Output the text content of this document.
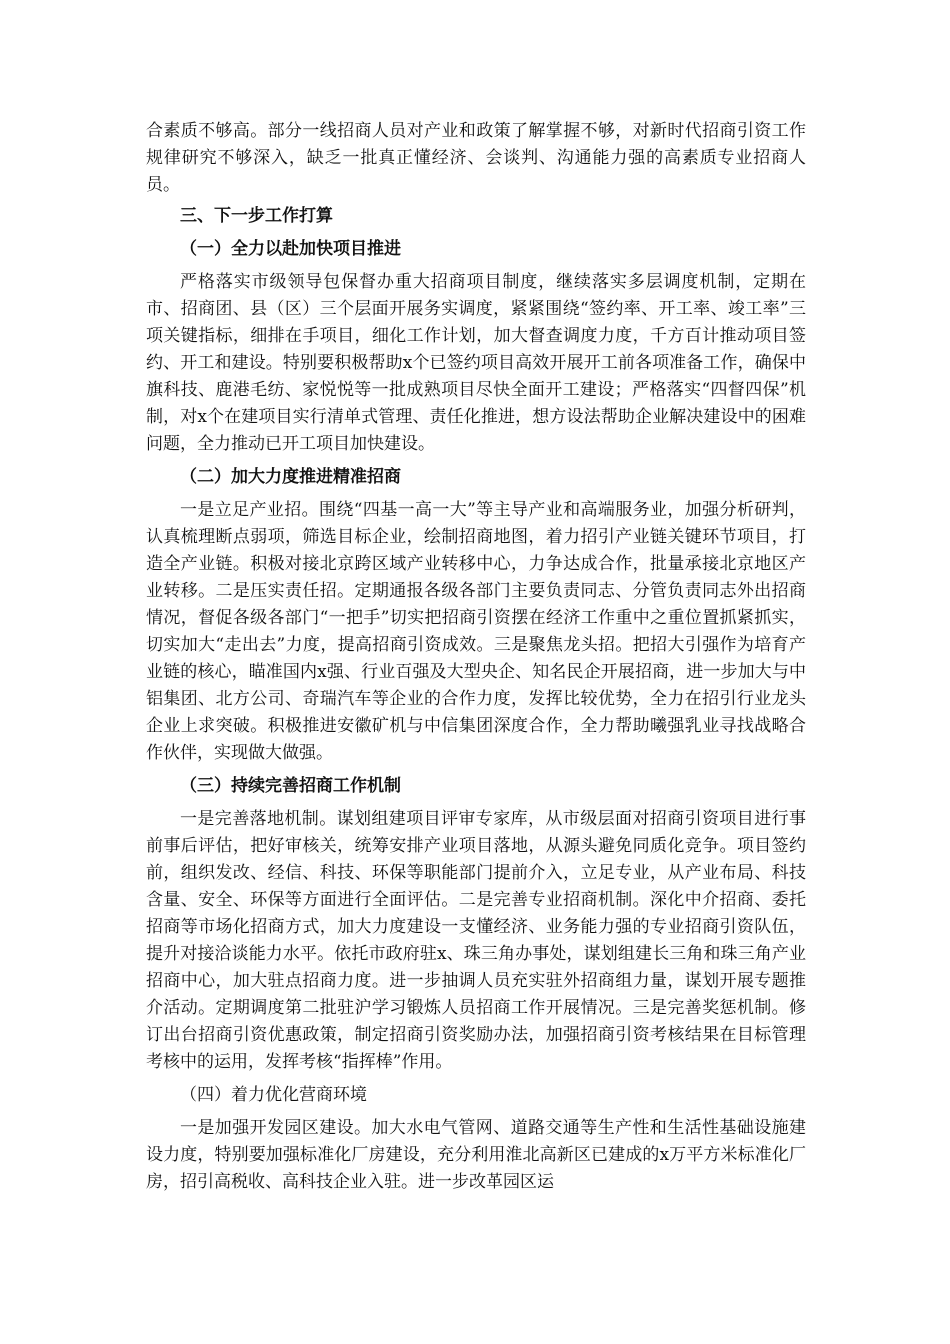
合素质不够高。部分一线招商人员对产业和政策了解掌握不够，对新时代招商引资工作规律研究不够深入，缺乏一批真正懂经济、会谈判、沟通能力强的高素质专业招商人员。

三、下一步工作打算

（一）全力以赴加快项目推进

严格落实市级领导包保督办重大招商项目制度，继续落实多层调度机制，定期在市、招商团、县（区）三个层面开展务实调度，紧紧围绕“签约率、开工率、竣工率”三项关键指标，细排在手项目，细化工作计划，加大督查调度力度，千方百计推动项目签约、开工和建设。特别要积极帮助x个已签约项目高效开展开工前各项准备工作，确保中旗科技、鹿港毛纺、家悦悦等一批成熟项目尽快全面开工建设；严格落实“四督四保”机制，对x个在建项目实行清单式管理、责任化推进，想方设法帮助企业解决建设中的困难问题，全力推动已开工项目加快建设。

（二）加大力度推进精准招商

一是立足产业招。围绕“四基一高一大”等主导产业和高端服务业，加强分析研判，认真梳理断点弱项，筛选目标企业，绘制招商地图，着力招引产业链关键环节项目，打造全产业链。积极对接北京跨区域产业转移中心，力争达成合作，批量承接北京地区产业转移。二是压实责任招。定期通报各级各部门主要负责同志、分管负责同志外出招商情况，督促各级各部门“一把手”切实把招商引资摆在经济工作重中之重位置抓紧抓实，切实加大“走出去”力度，提高招商引资成效。三是聚焦龙头招。把招大引强作为培育产业链的核心，瞄准国内x强、行业百强及大型央企、知名民企开展招商，进一步加大与中铝集团、北方公司、奇瑞汽车等企业的合作力度，发挥比较优势，全力在招引行业龙头企业上求突破。积极推进安徽矿机与中信集团深度合作，全力帮助曦强乳业寻找战略合作伙伴，实现做大做强。

（三）持续完善招商工作机制

一是完善落地机制。谋划组建项目评审专家库，从市级层面对招商引资项目进行事前事后评估，把好审核关，统筹安排产业项目落地，从源头避免同质化竞争。项目签约前，组织发改、经信、科技、环保等职能部门提前介入，立足专业，从产业布局、科技含量、安全、环保等方面进行全面评估。二是完善专业招商机制。深化中介招商、委托招商等市场化招商方式，加大力度建设一支懂经济、业务能力强的专业招商引资队伍，提升对接洽谈能力水平。依托市政府驻x、珠三角办事处，谋划组建长三角和珠三角产业招商中心，加大驻点招商力度。进一步抽调人员充实驻外招商组力量，谋划开展专题推介活动。定期调度第二批驻沪学习锻炼人员招商工作开展情况。三是完善奖惩机制。修订出台招商引资优惠政策，制定招商引资奖励办法，加强招商引资考核结果在目标管理考核中的运用，发挥考核“指挥棒”作用。

（四）着力优化营商环境

一是加强开发园区建设。加大水电气管网、道路交通等生产性和生活性基础设施建设力度，特别要加强标准化厂房建设，充分利用淮北高新区已建成的x万平方米标准化厂房，招引高税收、高科技企业入驻。进一步改革园区运
